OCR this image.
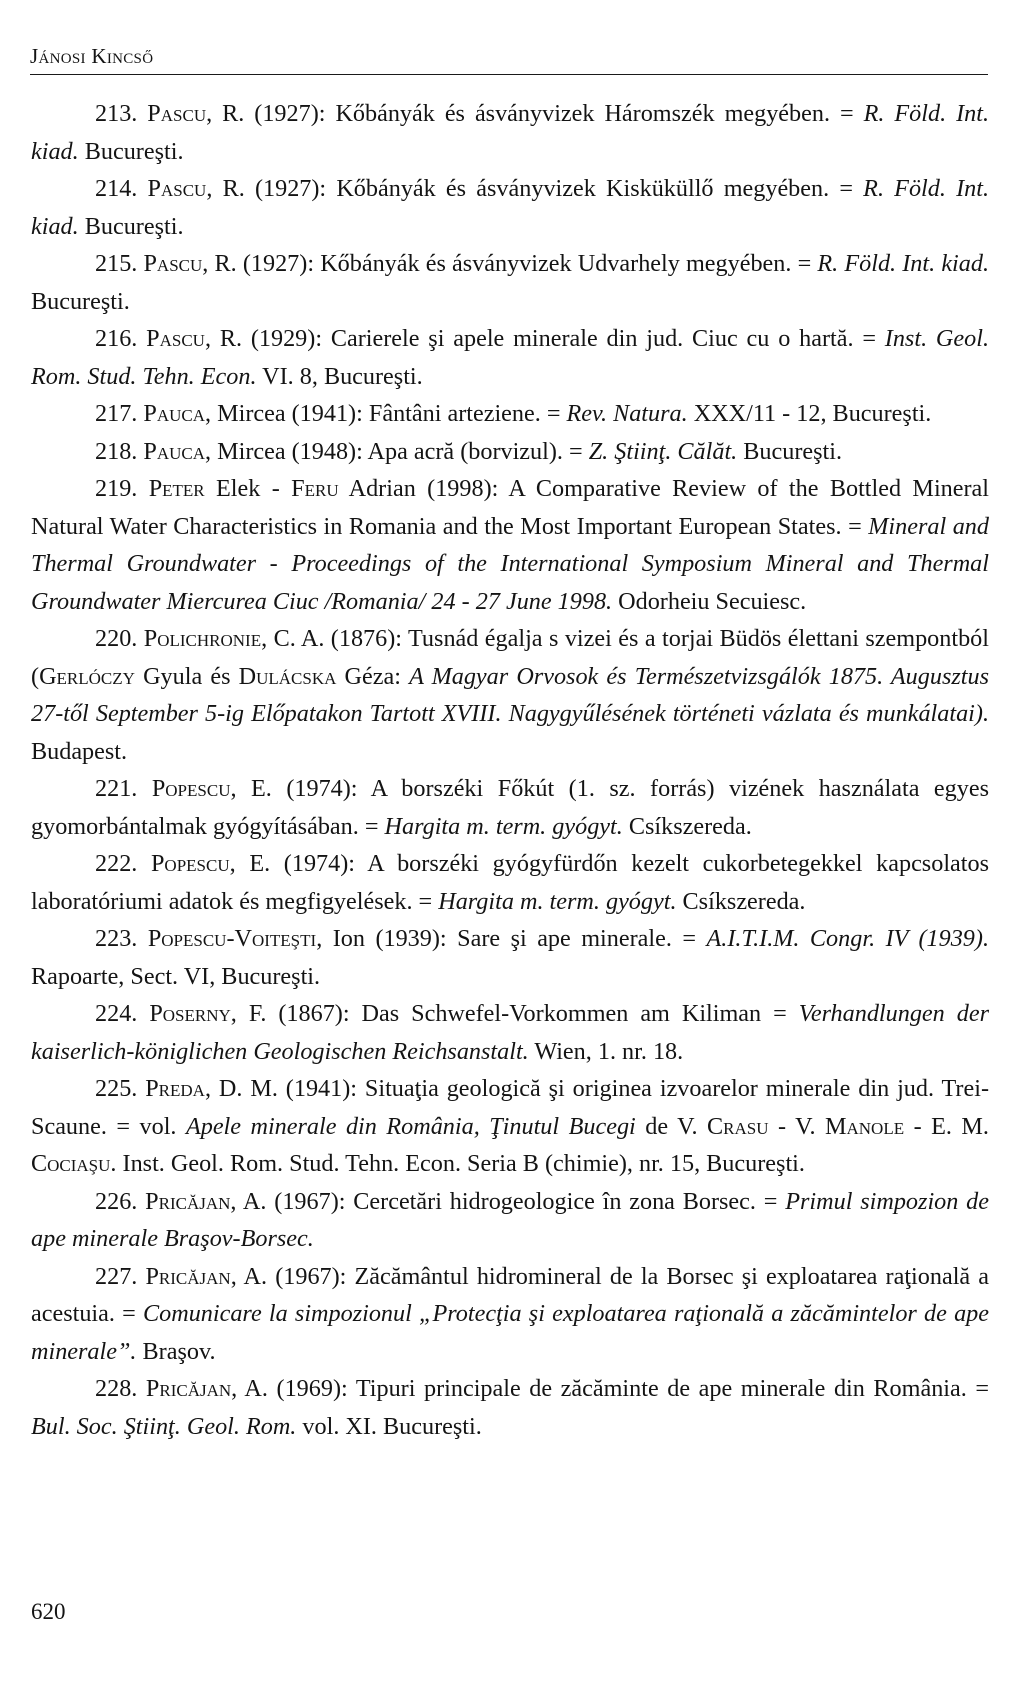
Jánosi Kincső

213. Pascu, R. (1927): Kőbányák és ásványvizek Háromszék megyében. = R. Föld. Int. kiad. Bucureşti.

214. Pascu, R. (1927): Kőbányák és ásványvizek Kisküküllő megyében. = R. Föld. Int. kiad. Bucureşti.

215. Pascu, R. (1927): Kőbányák és ásványvizek Udvarhely megyében. = R. Föld. Int. kiad. Bucureşti.

216. Pascu, R. (1929): Carierele şi apele minerale din jud. Ciuc cu o hartă. = Inst. Geol. Rom. Stud. Tehn. Econ. VI. 8, Bucureşti.

217. Pauca, Mircea (1941): Fântâni arteziene. = Rev. Natura. XXX/11 - 12, Bucureşti.

218. Pauca, Mircea (1948): Apa acră (borvizul). = Z. Ştiinţ. Călăt. Bucureşti.

219. Peter Elek - Feru Adrian (1998): A Comparative Review of the Bottled Mineral Natural Water Characteristics in Romania and the Most Important European States. = Mineral and Thermal Groundwater - Proceedings of the International Symposium Mineral and Thermal Groundwater Miercurea Ciuc /Romania/ 24 - 27 June 1998. Odorheiu Secuiesc.

220. Polichronie, C. A. (1876): Tusnád égalja s vizei és a torjai Büdös élettani szempontból (Gerlóczy Gyula és Dulácska Géza: A Magyar Orvosok és Természetvizsgálók 1875. Augusztus 27-től September 5-ig Előpatakon Tartott XVIII. Nagygyűlésének történeti vázlata és munkálatai). Budapest.

221. Popescu, E. (1974): A borszéki Főkút (1. sz. forrás) vizének használata egyes gyomorbántalmak gyógyításában. = Hargita m. term. gyógyt. Csíkszereda.

222. Popescu, E. (1974): A borszéki gyógyfürdőn kezelt cukorbetegekkel kapcsolatos laboratóriumi adatok és megfigyelések. = Hargita m. term. gyógyt. Csíkszereda.

223. Popescu-Voiteşti, Ion (1939): Sare şi ape minerale. = A.I.T.I.M. Congr. IV (1939). Rapoarte, Sect. VI, Bucureşti.

224. Poserny, F. (1867): Das Schwefel-Vorkommen am Kiliman = Verhandlungen der kaiserlich-königlichen Geologischen Reichsanstalt. Wien, 1. nr. 18.

225. Preda, D. M. (1941): Situaţia geologică şi originea izvoarelor minerale din jud. Trei-Scaune. = vol. Apele minerale din România, Ţinutul Bucegi de V. Crasu - V. Manole - E. M. Cociaşu. Inst. Geol. Rom. Stud. Tehn. Econ. Seria B (chimie), nr. 15, Bucureşti.

226. Pricăjan, A. (1967): Cercetări hidrogeologice în zona Borsec. = Primul simpozion de ape minerale Braşov-Borsec.

227. Pricăjan, A. (1967): Zăcământul hidromineral de la Borsec şi exploatarea raţională a acestuia. = Comunicare la simpozionul „Protecţia şi exploatarea raţională a zăcămintelor de ape minerale”. Braşov.

228. Pricăjan, A. (1969): Tipuri principale de zăcăminte de ape minerale din România. = Bul. Soc. Ştiinţ. Geol. Rom. vol. XI. Bucureşti.

620
